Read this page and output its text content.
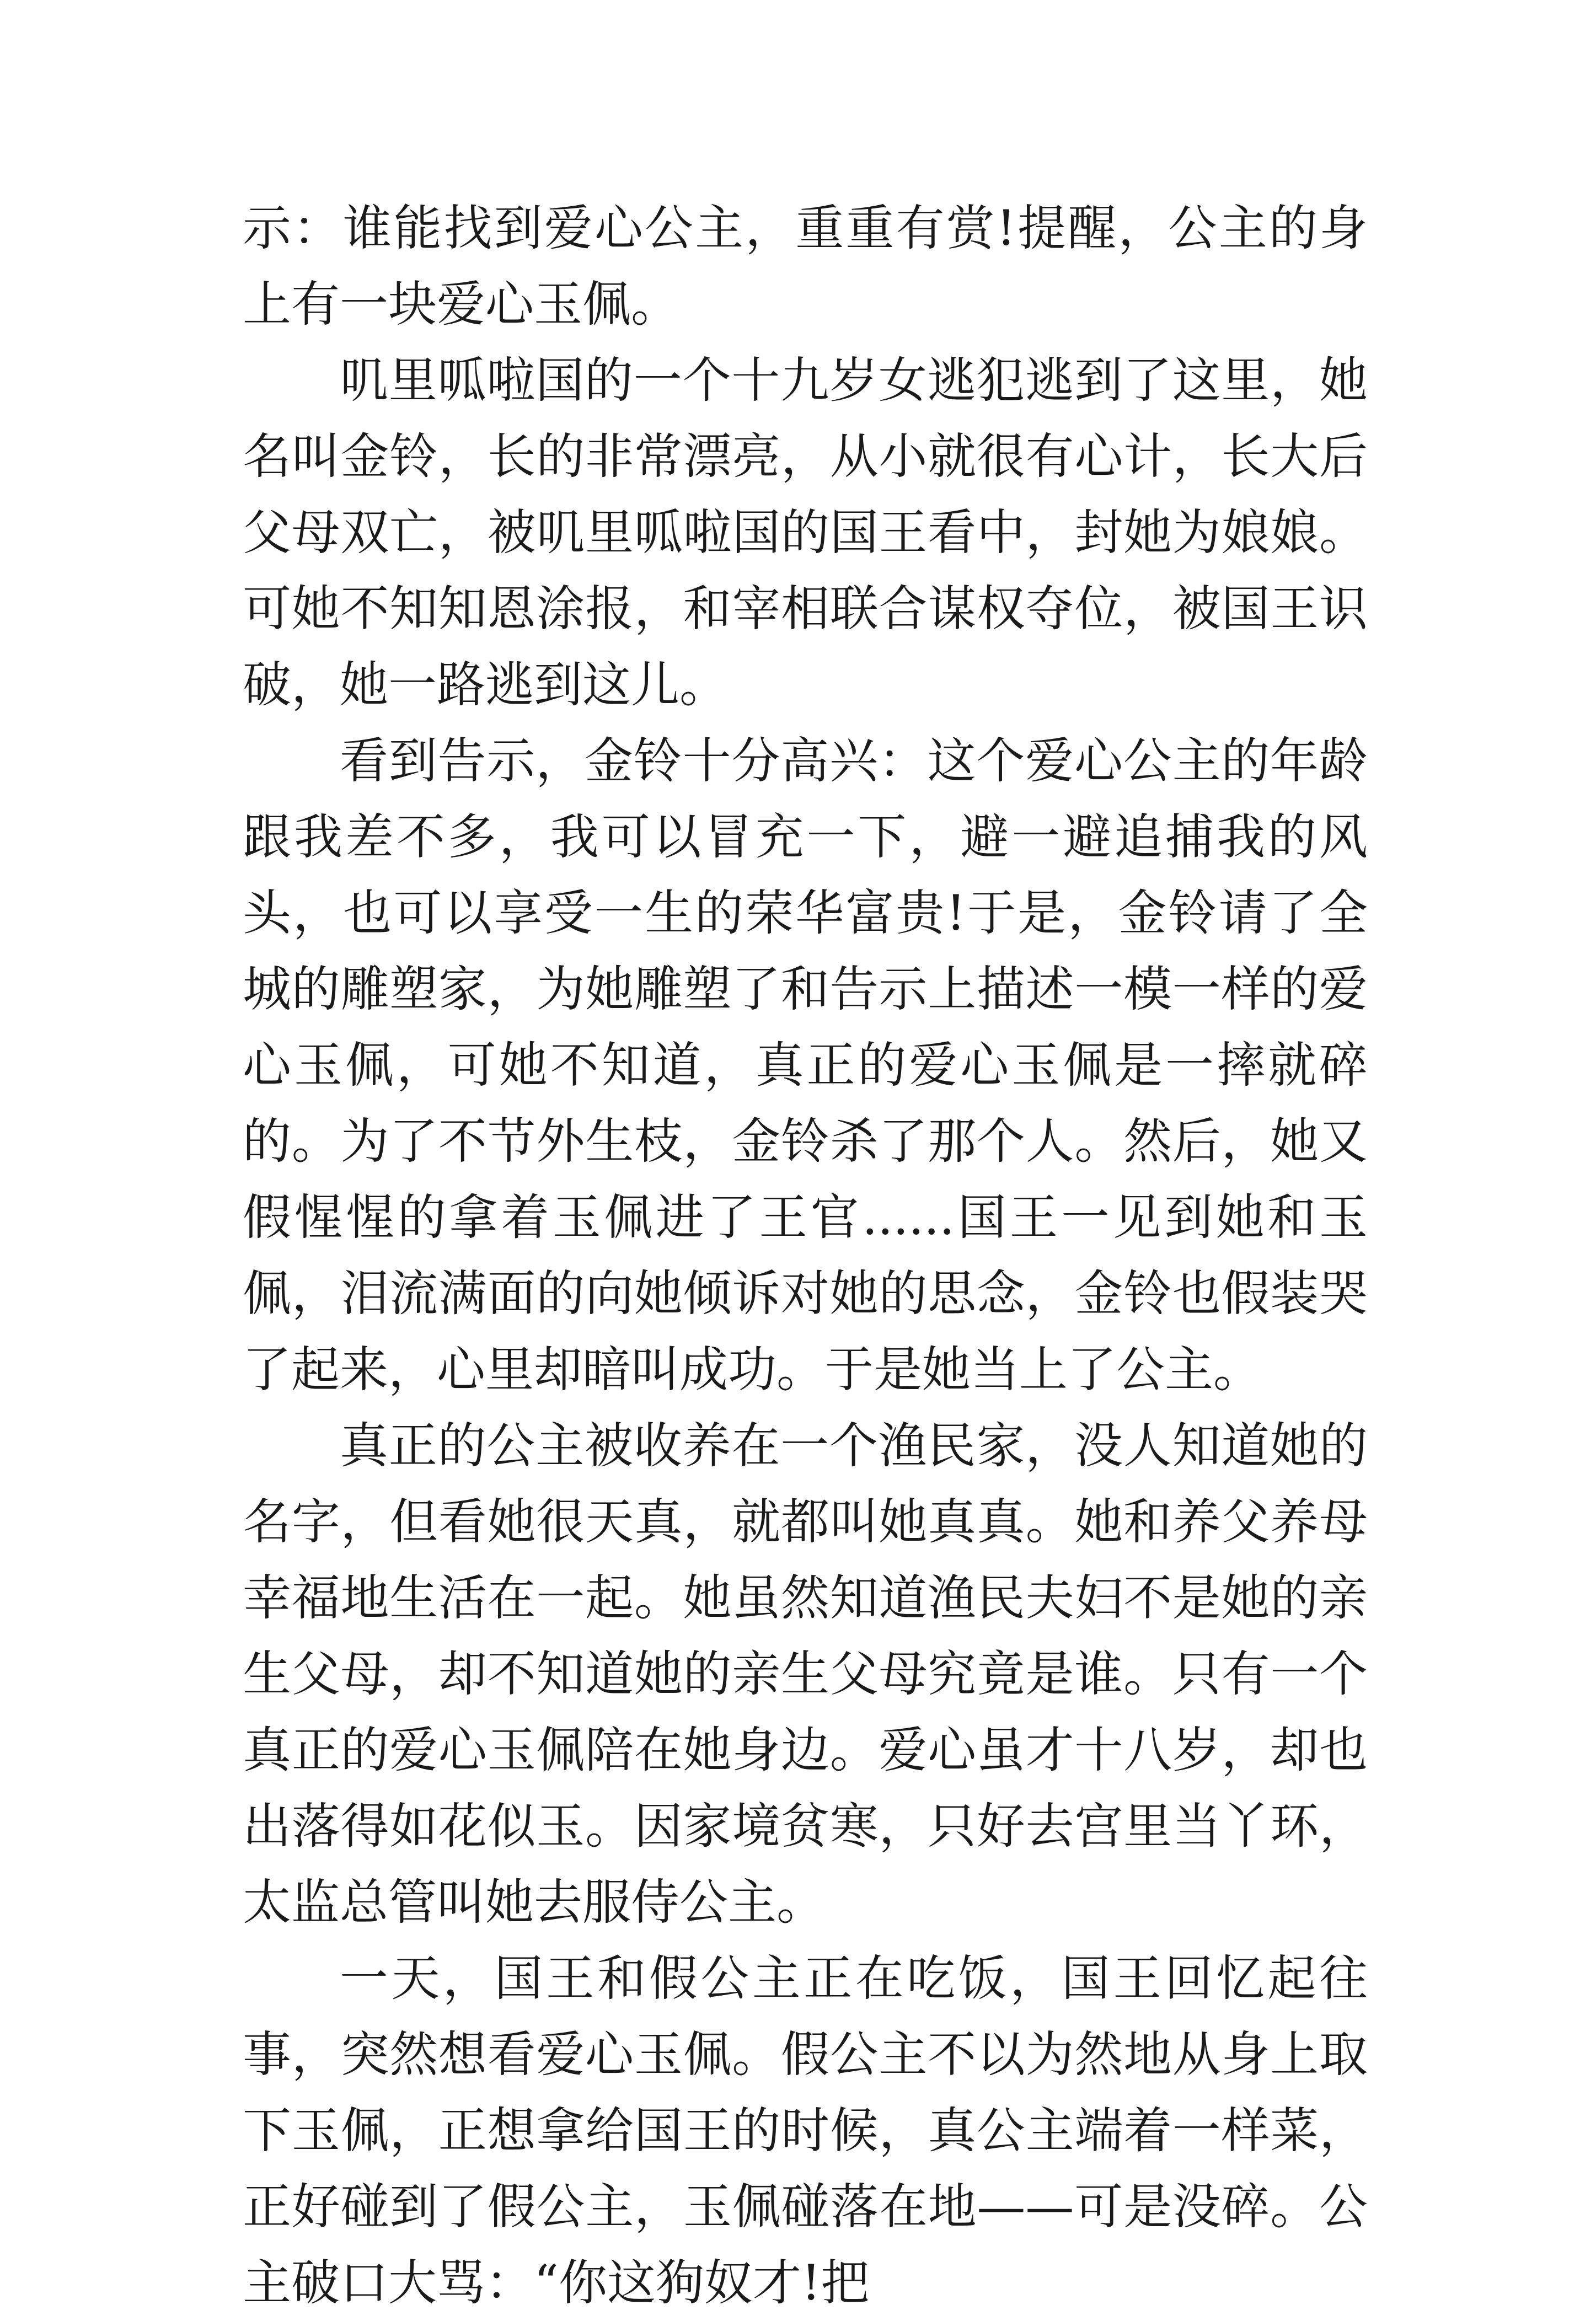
示：谁能找到爱心公主，重重有赏!提醒，公主的身上有一块爱心玉佩。

叽里呱啦国的一个十九岁女逃犯逃到了这里，她名叫金铃，长的非常漂亮，从小就很有心计，长大后父母双亡，被叽里呱啦国的国王看中，封她为娘娘。可她不知知恩涂报，和宰相联合谋权夺位，被国王识破，她一路逃到这儿。

看到告示，金铃十分高兴：这个爱心公主的年龄跟我差不多，我可以冒充一下，避一避追捕我的风头，也可以享受一生的荣华富贵!于是，金铃请了全城的雕塑家，为她雕塑了和告示上描述一模一样的爱心玉佩，可她不知道，真正的爱心玉佩是一摔就碎的。为了不节外生枝，金铃杀了那个人。然后，她又假惺惺的拿着玉佩进了王官......国王一见到她和玉佩，泪流满面的向她倾诉对她的思念，金铃也假装哭了起来，心里却暗叫成功。于是她当上了公主。

真正的公主被收养在一个渔民家，没人知道她的名字，但看她很天真，就都叫她真真。她和养父养母幸福地生活在一起。她虽然知道渔民夫妇不是她的亲生父母，却不知道她的亲生父母究竟是谁。只有一个真正的爱心玉佩陪在她身边。爱心虽才十八岁，却也出落得如花似玉。因家境贫寒，只好去宫里当丫环，太监总管叫她去服侍公主。

一天，国王和假公主正在吃饭，国王回忆起往事，突然想看爱心玉佩。假公主不以为然地从身上取下玉佩，正想拿给国王的时候，真公主端着一样菜，正好碰到了假公主，玉佩碰落在地——可是没碎。公主破口大骂：“你这狗奴才!把
